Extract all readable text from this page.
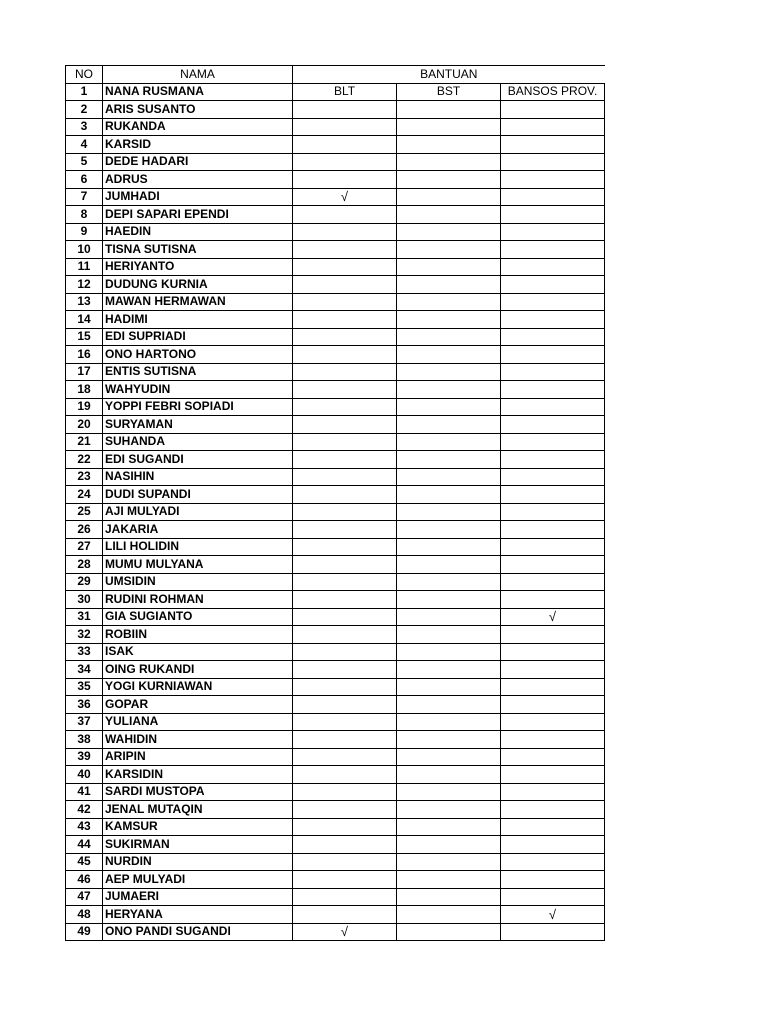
NO	NAMA	BANTUAN		
1	NANA RUSMANA	BLT	BST	BANSOS PROV.
2	ARIS SUSANTO			
3	RUKANDA			
4	KARSID			
5	DEDE HADARI			
6	ADRUS			
7	JUMHADI	√		
8	DEPI SAPARI EPENDI			
9	HAEDIN			
10	TISNA SUTISNA			
11	HERIYANTO			
12	DUDUNG KURNIA			
13	MAWAN HERMAWAN			
14	HADIMI			
15	EDI SUPRIADI			
16	ONO HARTONO			
17	ENTIS SUTISNA			
18	WAHYUDIN			
19	YOPPI FEBRI SOPIADI			
20	SURYAMAN			
21	SUHANDA			
22	EDI SUGANDI			
23	NASIHIN			
24	DUDI SUPANDI			
25	AJI MULYADI			
26	JAKARIA			
27	LILI HOLIDIN			
28	MUMU MULYANA			
29	UMSIDIN			
30	RUDINI ROHMAN			
31	GIA SUGIANTO			√
32	ROBIIN			
33	ISAK			
34	OING RUKANDI			
35	YOGI KURNIAWAN			
36	GOPAR			
37	YULIANA			
38	WAHIDIN			
39	ARIPIN			
40	KARSIDIN			
41	SARDI MUSTOPA			
42	JENAL MUTAQIN			
43	KAMSUR			
44	SUKIRMAN			
45	NURDIN			
46	AEP MULYADI			
47	JUMAERI			
48	HERYANA			√
49	ONO PANDI SUGANDI	√		
